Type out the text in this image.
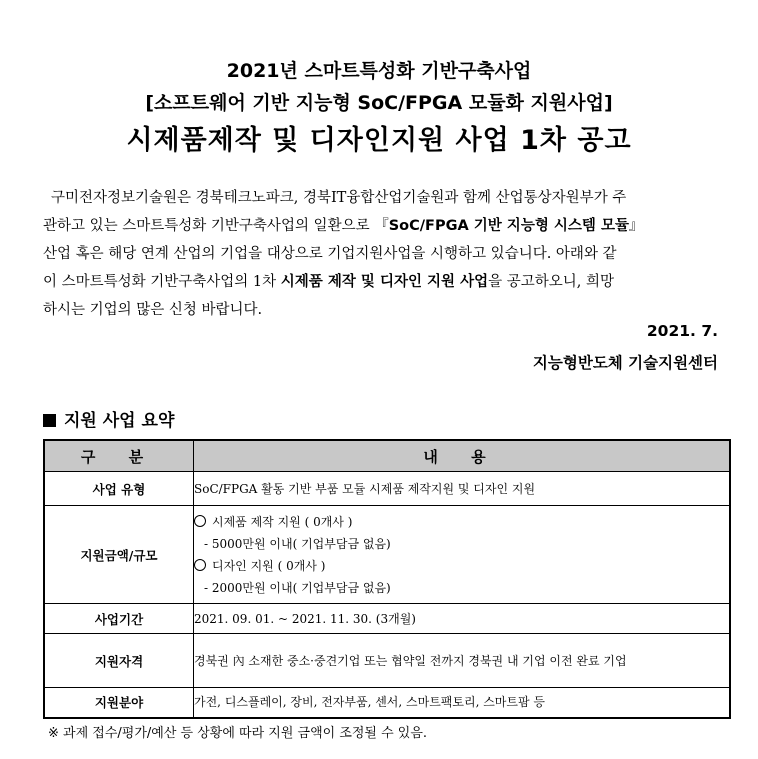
2021년 스마트특성화 기반구축사업
[소프트웨어 기반 지능형 SoC/FPGA 모듈화 지원사업]
시제품제작 및 디자인지원 사업 1차 공고
구미전자정보기술원은 경북테크노파크, 경북IT융합산업기술원과 함께 산업통상자원부가 주
관하고 있는 스마트특성화 기반구축사업의 일환으로 『SoC/FPGA 기반 지능형 시스템 모듈』
산업 혹은 해당 연계 산업의 기업을 대상으로 기업지원사업을 시행하고 있습니다. 아래와 같
이 스마트특성화 기반구축사업의 1차 시제품 제작 및 디자인 지원 사업을 공고하오니, 희망
하시는 기업의 많은 신청 바랍니다.
2021. 7.
지능형반도체 기술지원센터
지원 사업 요약
구 분	내 용
사업 유형	SoC/FPGA 활동 기반 부품 모듈 시제품 제작지원 및 디자인 지원

지원금액/규모	시제품 제작 지원 ( 0개사 )
- 5000만원 이내( 기업부담금 없음)
디자인 지원 ( 0개사 )
- 2000만원 이내( 기업부담금 없음)

사업기간	2021. 09. 01. ~ 2021. 11. 30. (3개월)

지원자격	경북권 內 소재한 중소·중견기업 또는 협약일 전까지 경북권 내 기업 이전 완료 기업

지원분야	가전, 디스플레이, 장비, 전자부품, 센서, 스마트팩토리, 스마트팜 등
※ 과제 접수/평가/예산 등 상황에 따라 지원 금액이 조정될 수 있음.
